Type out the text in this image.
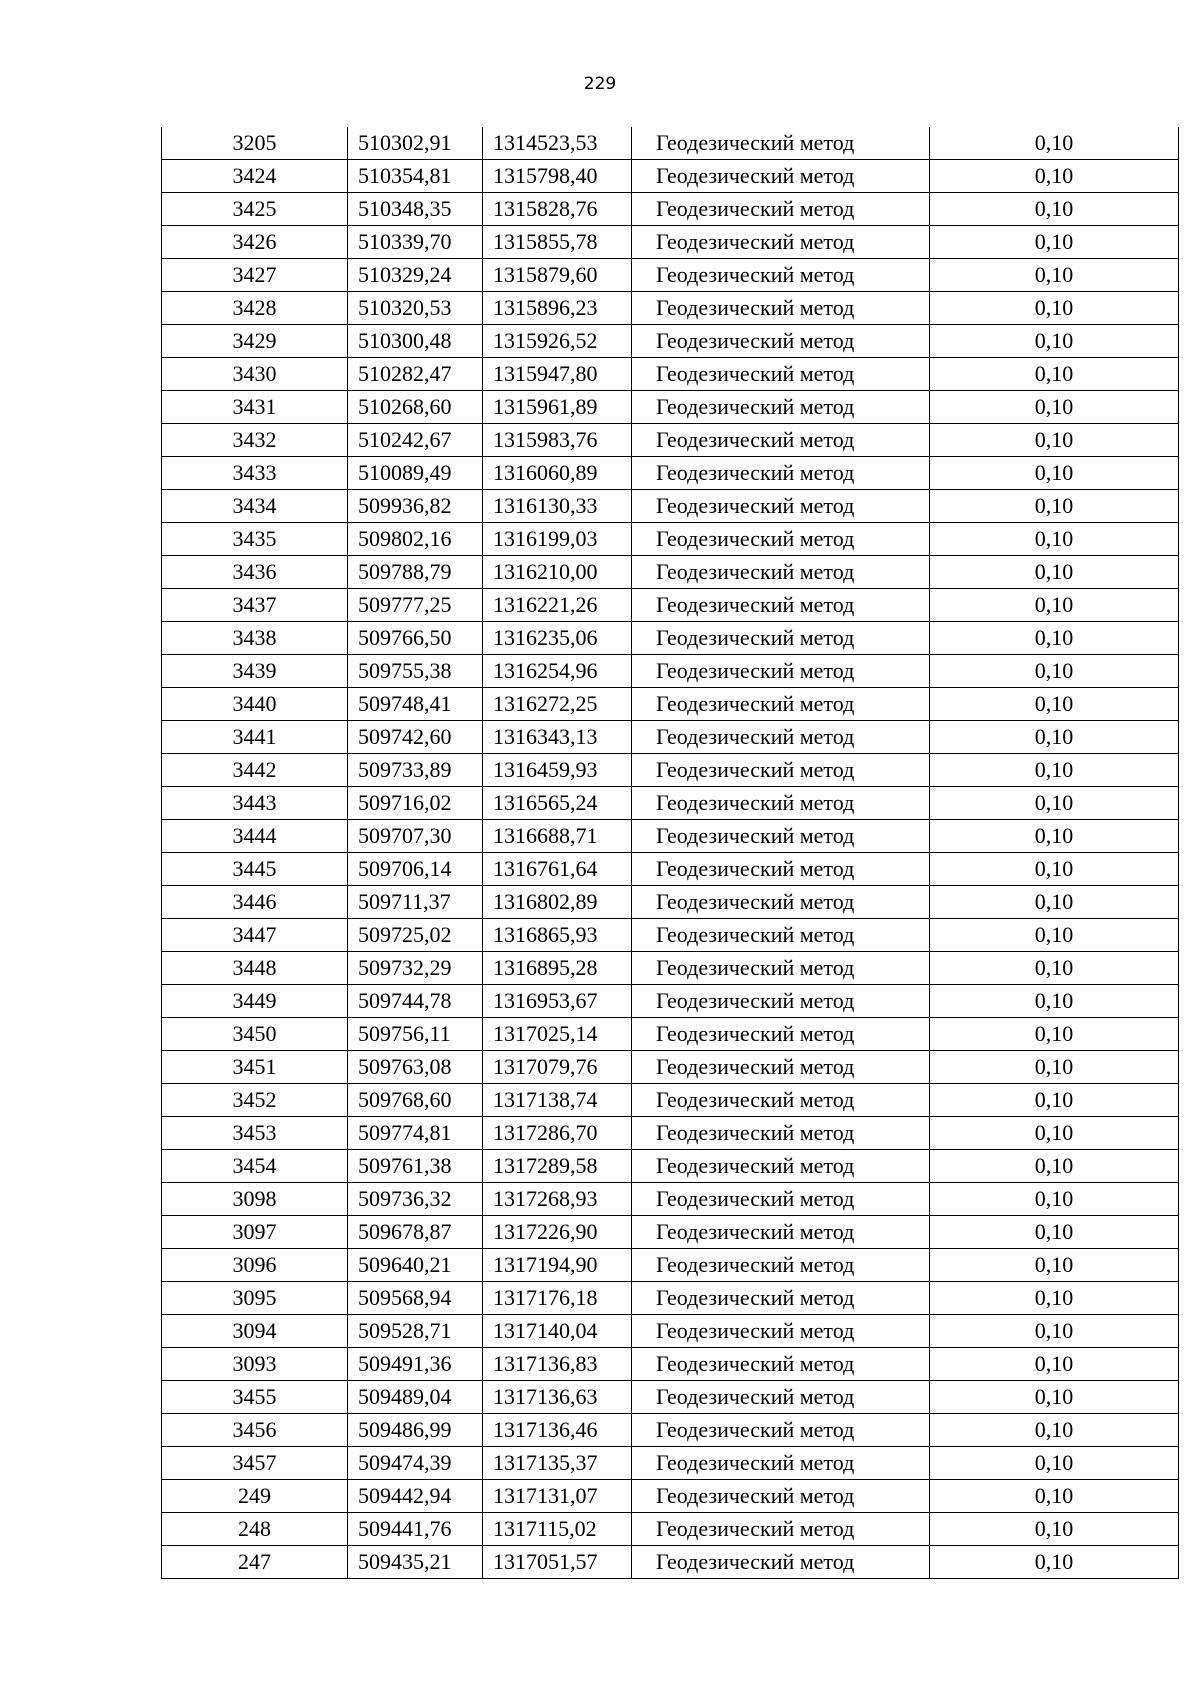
229
3205	510302,91	1314523,53	Геодезический метод	0,10
3424	510354,81	1315798,40	Геодезический метод	0,10
3425	510348,35	1315828,76	Геодезический метод	0,10
3426	510339,70	1315855,78	Геодезический метод	0,10
3427	510329,24	1315879,60	Геодезический метод	0,10
3428	510320,53	1315896,23	Геодезический метод	0,10
3429	510300,48	1315926,52	Геодезический метод	0,10
3430	510282,47	1315947,80	Геодезический метод	0,10
3431	510268,60	1315961,89	Геодезический метод	0,10
3432	510242,67	1315983,76	Геодезический метод	0,10
3433	510089,49	1316060,89	Геодезический метод	0,10
3434	509936,82	1316130,33	Геодезический метод	0,10
3435	509802,16	1316199,03	Геодезический метод	0,10
3436	509788,79	1316210,00	Геодезический метод	0,10
3437	509777,25	1316221,26	Геодезический метод	0,10
3438	509766,50	1316235,06	Геодезический метод	0,10
3439	509755,38	1316254,96	Геодезический метод	0,10
3440	509748,41	1316272,25	Геодезический метод	0,10
3441	509742,60	1316343,13	Геодезический метод	0,10
3442	509733,89	1316459,93	Геодезический метод	0,10
3443	509716,02	1316565,24	Геодезический метод	0,10
3444	509707,30	1316688,71	Геодезический метод	0,10
3445	509706,14	1316761,64	Геодезический метод	0,10
3446	509711,37	1316802,89	Геодезический метод	0,10
3447	509725,02	1316865,93	Геодезический метод	0,10
3448	509732,29	1316895,28	Геодезический метод	0,10
3449	509744,78	1316953,67	Геодезический метод	0,10
3450	509756,11	1317025,14	Геодезический метод	0,10
3451	509763,08	1317079,76	Геодезический метод	0,10
3452	509768,60	1317138,74	Геодезический метод	0,10
3453	509774,81	1317286,70	Геодезический метод	0,10
3454	509761,38	1317289,58	Геодезический метод	0,10
3098	509736,32	1317268,93	Геодезический метод	0,10
3097	509678,87	1317226,90	Геодезический метод	0,10
3096	509640,21	1317194,90	Геодезический метод	0,10
3095	509568,94	1317176,18	Геодезический метод	0,10
3094	509528,71	1317140,04	Геодезический метод	0,10
3093	509491,36	1317136,83	Геодезический метод	0,10
3455	509489,04	1317136,63	Геодезический метод	0,10
3456	509486,99	1317136,46	Геодезический метод	0,10
3457	509474,39	1317135,37	Геодезический метод	0,10
249	509442,94	1317131,07	Геодезический метод	0,10
248	509441,76	1317115,02	Геодезический метод	0,10
247	509435,21	1317051,57	Геодезический метод	0,10
